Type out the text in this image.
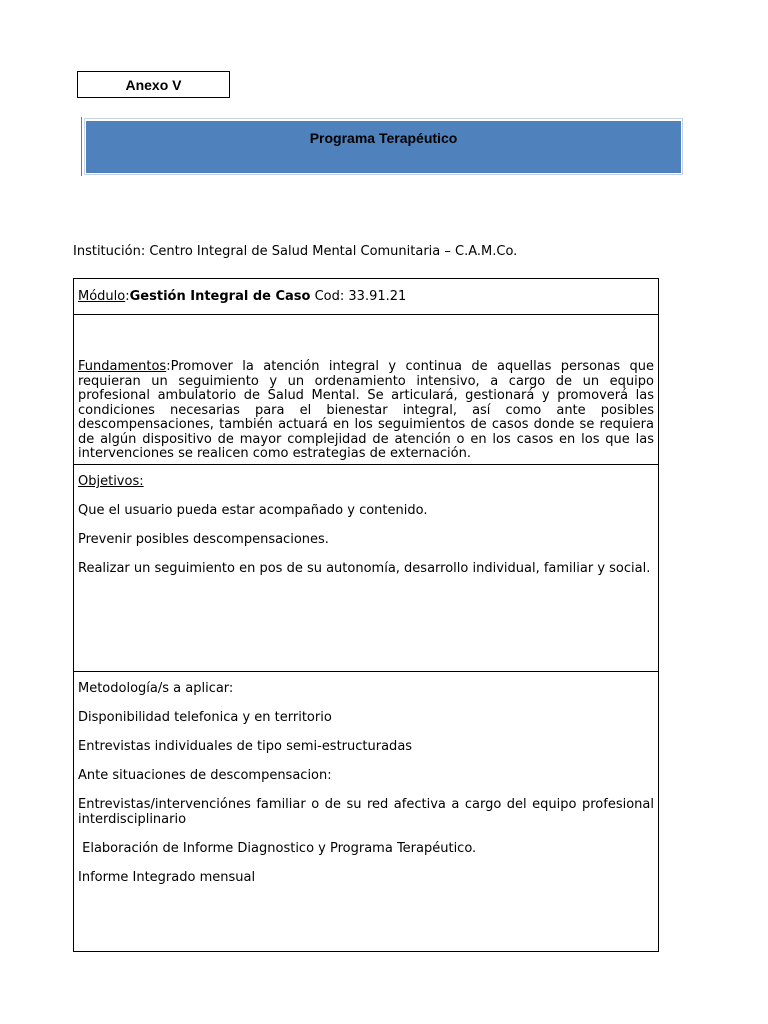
Anexo V
Programa Terapéutico
Institución: Centro Integral de Salud Mental Comunitaria – C.A.M.Co.
Módulo:Gestión Integral de Caso Cod: 33.91.21

Fundamentos:Promover la atención integral y continua de aquellas personas que requieran un seguimiento y un ordenamiento intensivo, a cargo de un equipo profesional ambulatorio de Salud Mental. Se articulará, gestionará y promoverá las condiciones necesarias para el bienestar integral, así como ante posibles descompensaciones, también actuará en los seguimientos de casos donde se requiera de algún dispositivo de mayor complejidad de atención o en los casos en los que las intervenciones se realicen como estrategias de externación.

Objetivos:

Que el usuario pueda estar acompañado y contenido.

Prevenir posibles descompensaciones.

Realizar un seguimiento en pos de su autonomía, desarrollo individual, familiar y social.

Metodología/s a aplicar:

Disponibilidad telefonica y en territorio

Entrevistas individuales de tipo semi-estructuradas

Ante situaciones de descompensacion:

Entrevistas/intervenciónes familiar o de su red afectiva a cargo del equipo profesional interdisciplinario

Elaboración de Informe Diagnostico y Programa Terapéutico.

Informe Integrado mensual
